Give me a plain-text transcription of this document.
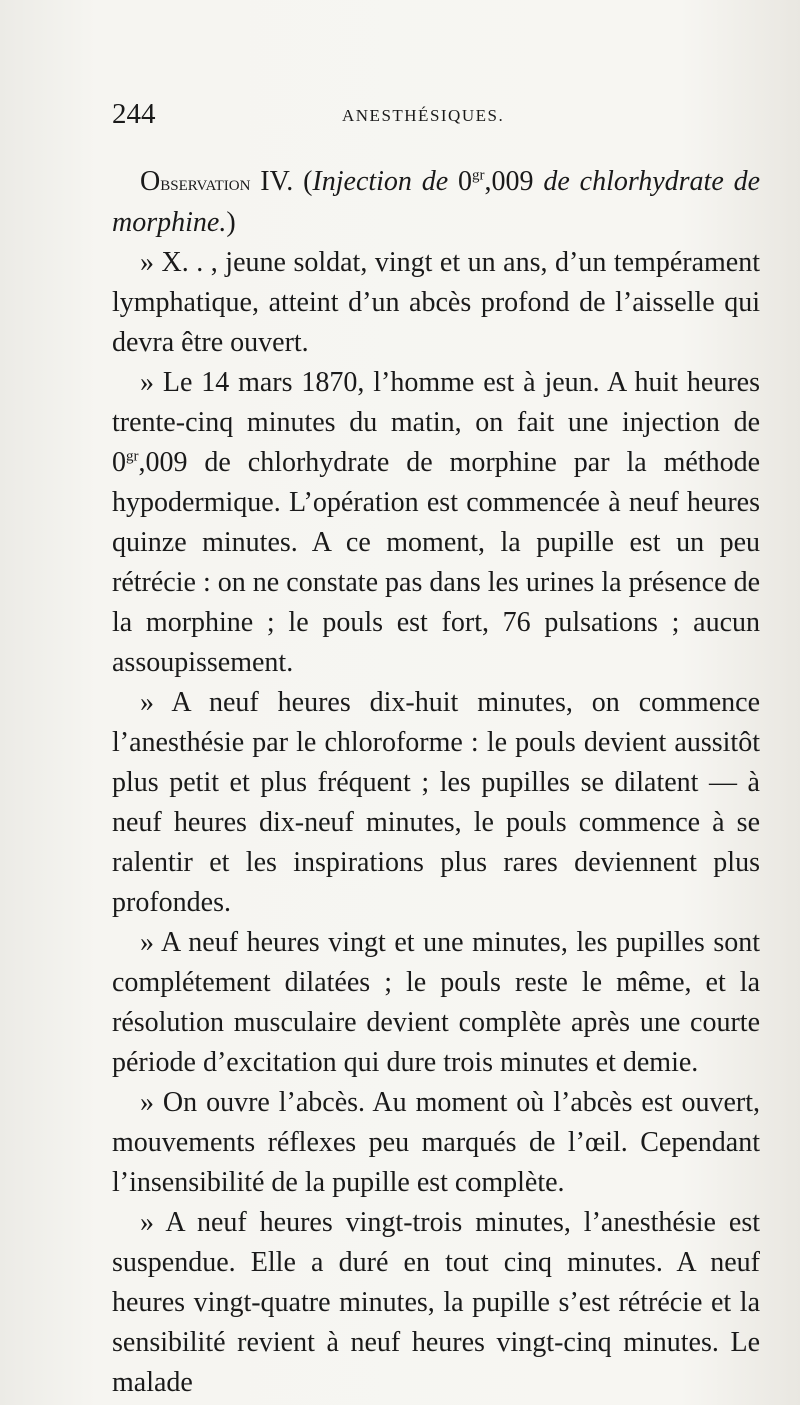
244	ANESTHÉSIQUES.

Observation IV. (Injection de $0^{gr},009$ de chlorhydrate de morphine.)

» X. . , jeune soldat, vingt et un ans, d’un tempérament lymphatique, atteint d’un abcès profond de l’aisselle qui devra être ouvert.

» Le 14 mars 1870, l’homme est à jeun. A huit heures trente-cinq minutes du matin, on fait une injection de $0^{gr},009$ de chlorhydrate de morphine par la méthode hypodermique. L’opération est commencée à neuf heures quinze minutes. A ce moment, la pupille est un peu rétrécie : on ne constate pas dans les urines la présence de la morphine ; le pouls est fort, 76 pulsations ; aucun assoupissement.

» A neuf heures dix-huit minutes, on commence l’anesthésie par le chloroforme : le pouls devient aussitôt plus petit et plus fréquent ; les pupilles se dilatent — à neuf heures dix-neuf minutes, le pouls commence à se ralentir et les inspirations plus rares deviennent plus profondes.

» A neuf heures vingt et une minutes, les pupilles sont complétement dilatées ; le pouls reste le même, et la résolution musculaire devient complète après une courte période d’excitation qui dure trois minutes et demie.

» On ouvre l’abcès. Au moment où l’abcès est ouvert, mouvements réflexes peu marqués de l’œil. Cependant l’insensibilité de la pupille est complète.

» A neuf heures vingt-trois minutes, l’anesthésie est suspendue. Elle a duré en tout cinq minutes. A neuf heures vingt-quatre minutes, la pupille s’est rétrécie et la sensibilité revient à neuf heures vingt-cinq minutes. Le malade
